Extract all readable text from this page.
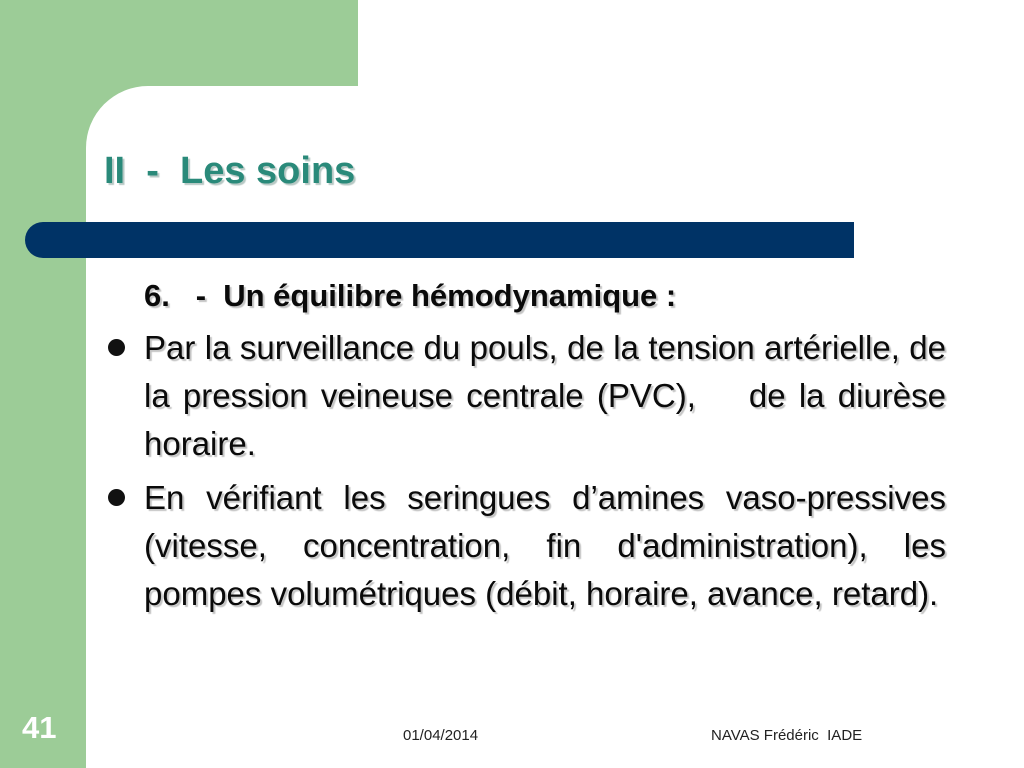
II  -  Les soins

6.   -  Un équilibre hémodynamique :

Par la surveillance du pouls, de la tension artérielle, de la pression veineuse centrale (PVC),    de la diurèse horaire.
En vérifiant les seringues d’amines vaso-pressives (vitesse, concentration, fin d'administration), les pompes volumétriques (débit, horaire, avance, retard).
41	01/04/2014	NAVAS Frédéric  IADE
